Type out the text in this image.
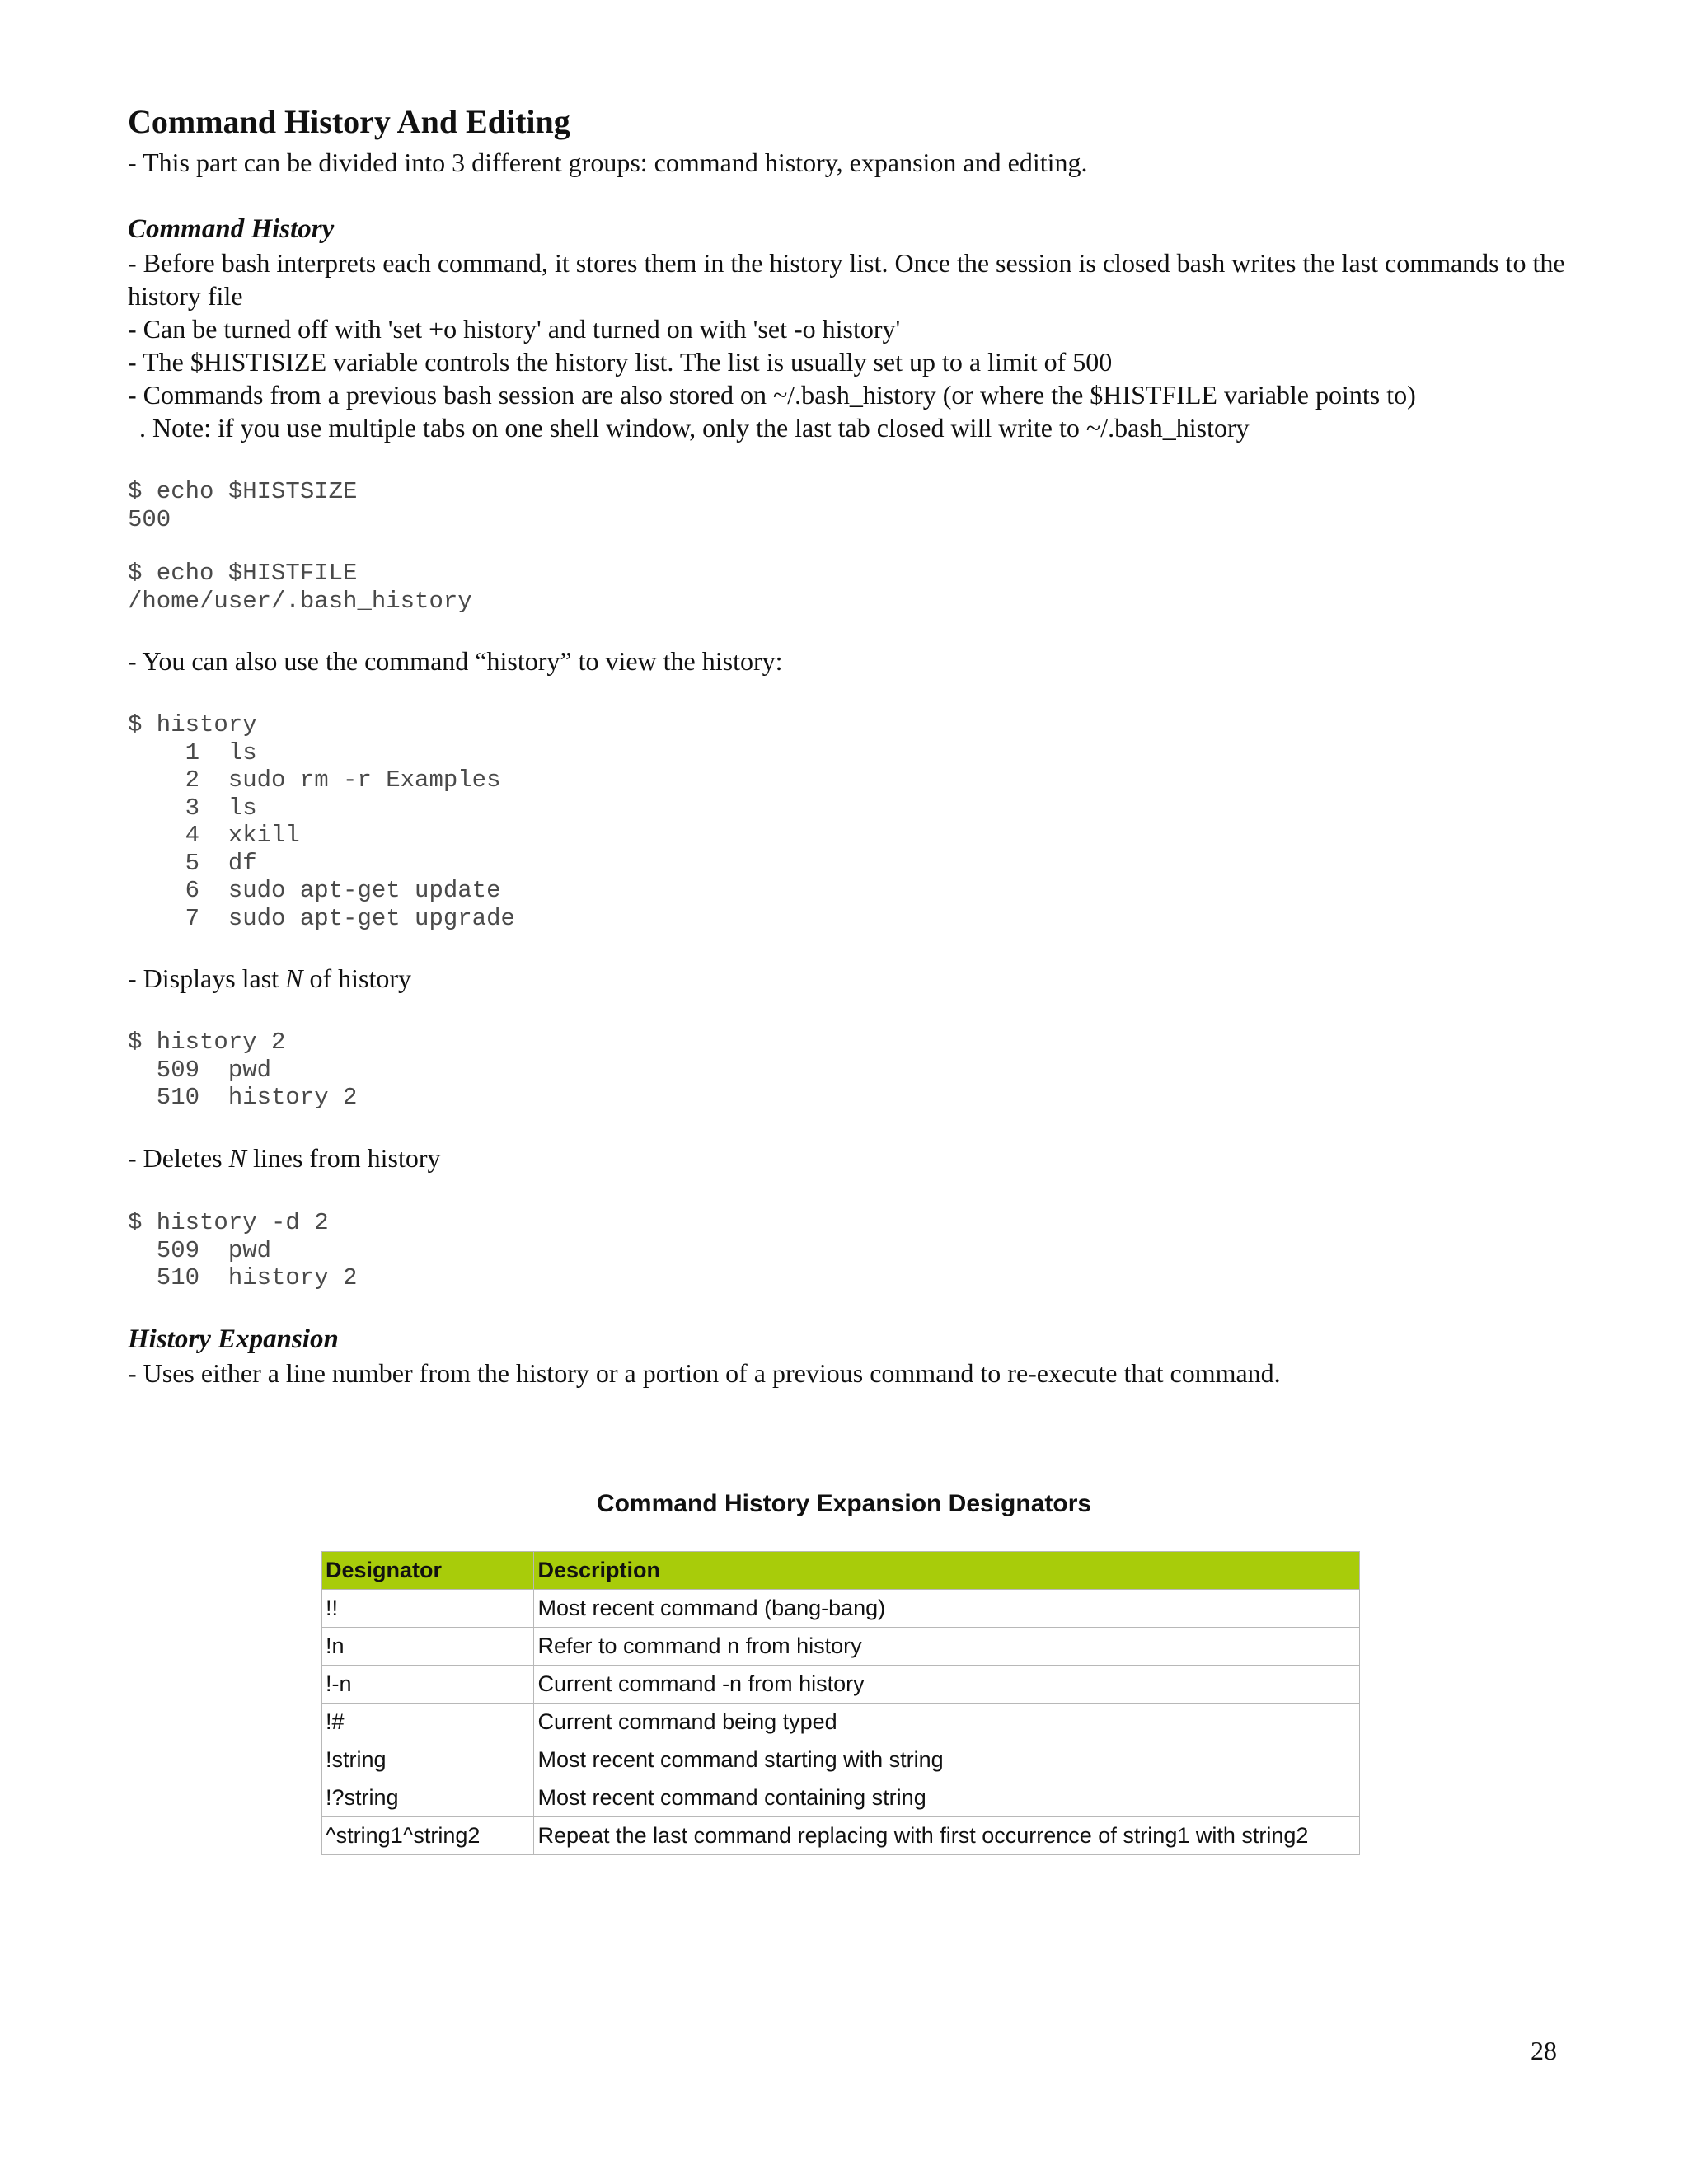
Command History And Editing

- This part can be divided into 3 different groups: command history, expansion and editing.

Command History
- Before bash interprets each command, it stores them in the history list. Once the session is closed bash writes the last commands to the history file
- Can be turned off with 'set +o history' and turned on with 'set -o history'
- The $HISTISIZE variable controls the history list. The list is usually set up to a limit of 500
- Commands from a previous bash session are also stored on ~/.bash_history (or where the $HISTFILE variable points to)
. Note: if you use multiple tabs on one shell window, only the last tab closed will write to ~/.bash_history
$ echo $HISTSIZE
500
$ echo $HISTFILE
/home/user/.bash_history

- You can also use the command “history” to view the history:

$ history
1  ls
2  sudo rm -r Examples
3  ls
4  xkill
5  df
6  sudo apt-get update
7  sudo apt-get upgrade

- Displays last N of history

$ history 2
509  pwd
510  history 2

- Deletes N lines from history

$ history -d 2
509  pwd
510  history 2
History Expansion

- Uses either a line number from the history or a portion of a previous command to re-execute that command.

Command History Expansion Designators
Designator	Description
!!	Most recent command (bang-bang)
!n	Refer to command n from history
!-n	Current command -n from history
!#	Current command being typed
!string	Most recent command starting with string
!?string	Most recent command containing string
^string1^string2	Repeat the last command replacing with first occurrence of string1 with string2
28
